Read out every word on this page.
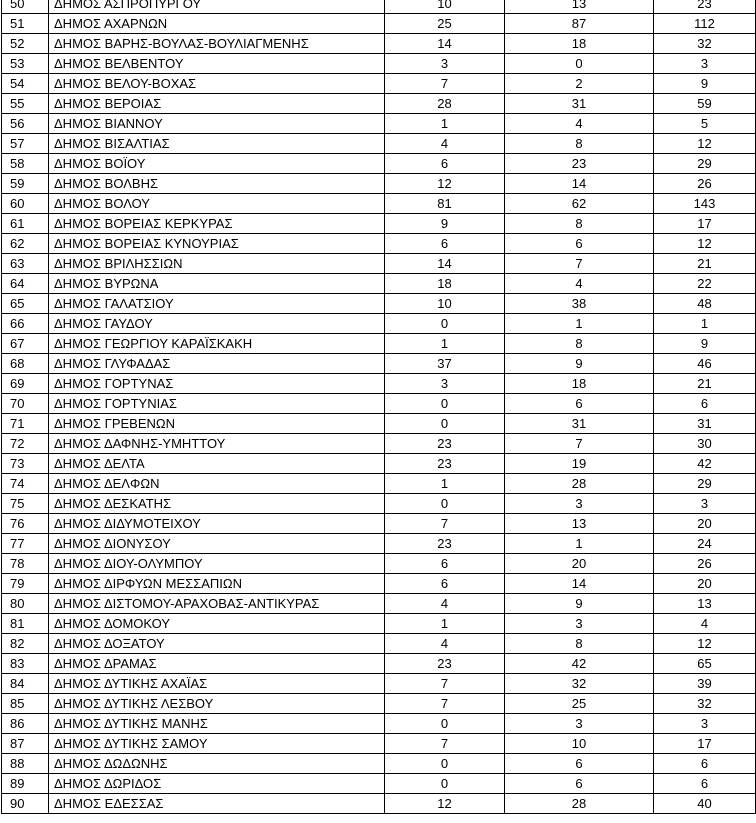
50	ΔΗΜΟΣ ΑΣΠΡΟΠΥΡΓΟΥ	10	13	23
51	ΔΗΜΟΣ ΑΧΑΡΝΩΝ	25	87	112
52	ΔΗΜΟΣ ΒΑΡΗΣ-ΒΟΥΛΑΣ-ΒΟΥΛΙΑΓΜΕΝΗΣ	14	18	32
53	ΔΗΜΟΣ ΒΕΛΒΕΝΤΟΥ	3	0	3
54	ΔΗΜΟΣ ΒΕΛΟΥ-ΒΟΧΑΣ	7	2	9
55	ΔΗΜΟΣ ΒΕΡΟΙΑΣ	28	31	59
56	ΔΗΜΟΣ ΒΙΑΝΝΟΥ	1	4	5
57	ΔΗΜΟΣ ΒΙΣΑΛΤΙΑΣ	4	8	12
58	ΔΗΜΟΣ ΒΟΪΟΥ	6	23	29
59	ΔΗΜΟΣ ΒΟΛΒΗΣ	12	14	26
60	ΔΗΜΟΣ ΒΟΛΟΥ	81	62	143
61	ΔΗΜΟΣ ΒΟΡΕΙΑΣ ΚΕΡΚΥΡΑΣ	9	8	17
62	ΔΗΜΟΣ ΒΟΡΕΙΑΣ ΚΥΝΟΥΡΙΑΣ	6	6	12
63	ΔΗΜΟΣ ΒΡΙΛΗΣΣΙΩΝ	14	7	21
64	ΔΗΜΟΣ ΒΥΡΩΝΑ	18	4	22
65	ΔΗΜΟΣ ΓΑΛΑΤΣΙΟΥ	10	38	48
66	ΔΗΜΟΣ ΓΑΥΔΟΥ	0	1	1
67	ΔΗΜΟΣ ΓΕΩΡΓΙΟΥ ΚΑΡΑΪΣΚΑΚΗ	1	8	9
68	ΔΗΜΟΣ ΓΛΥΦΑΔΑΣ	37	9	46
69	ΔΗΜΟΣ ΓΟΡΤΥΝΑΣ	3	18	21
70	ΔΗΜΟΣ ΓΟΡΤΥΝΙΑΣ	0	6	6
71	ΔΗΜΟΣ ΓΡΕΒΕΝΩΝ	0	31	31
72	ΔΗΜΟΣ ΔΑΦΝΗΣ-ΥΜΗΤΤΟΥ	23	7	30
73	ΔΗΜΟΣ ΔΕΛΤΑ	23	19	42
74	ΔΗΜΟΣ ΔΕΛΦΩΝ	1	28	29
75	ΔΗΜΟΣ ΔΕΣΚΑΤΗΣ	0	3	3
76	ΔΗΜΟΣ ΔΙΔΥΜΟΤΕΙΧΟΥ	7	13	20
77	ΔΗΜΟΣ ΔΙΟΝΥΣΟΥ	23	1	24
78	ΔΗΜΟΣ ΔΙΟΥ-ΟΛΥΜΠΟΥ	6	20	26
79	ΔΗΜΟΣ ΔΙΡΦΥΩΝ ΜΕΣΣΑΠΙΩΝ	6	14	20
80	ΔΗΜΟΣ ΔΙΣΤΟΜΟΥ-ΑΡΑΧΟΒΑΣ-ΑΝΤΙΚΥΡΑΣ	4	9	13
81	ΔΗΜΟΣ ΔΟΜΟΚΟΥ	1	3	4
82	ΔΗΜΟΣ ΔΟΞΑΤΟΥ	4	8	12
83	ΔΗΜΟΣ ΔΡΑΜΑΣ	23	42	65
84	ΔΗΜΟΣ ΔΥΤΙΚΗΣ ΑΧΑΪΑΣ	7	32	39
85	ΔΗΜΟΣ ΔΥΤΙΚΗΣ ΛΕΣΒΟΥ	7	25	32
86	ΔΗΜΟΣ ΔΥΤΙΚΗΣ ΜΑΝΗΣ	0	3	3
87	ΔΗΜΟΣ ΔΥΤΙΚΗΣ ΣΑΜΟΥ	7	10	17
88	ΔΗΜΟΣ ΔΩΔΩΝΗΣ	0	6	6
89	ΔΗΜΟΣ ΔΩΡΙΔΟΣ	0	6	6
90	ΔΗΜΟΣ ΕΔΕΣΣΑΣ	12	28	40
